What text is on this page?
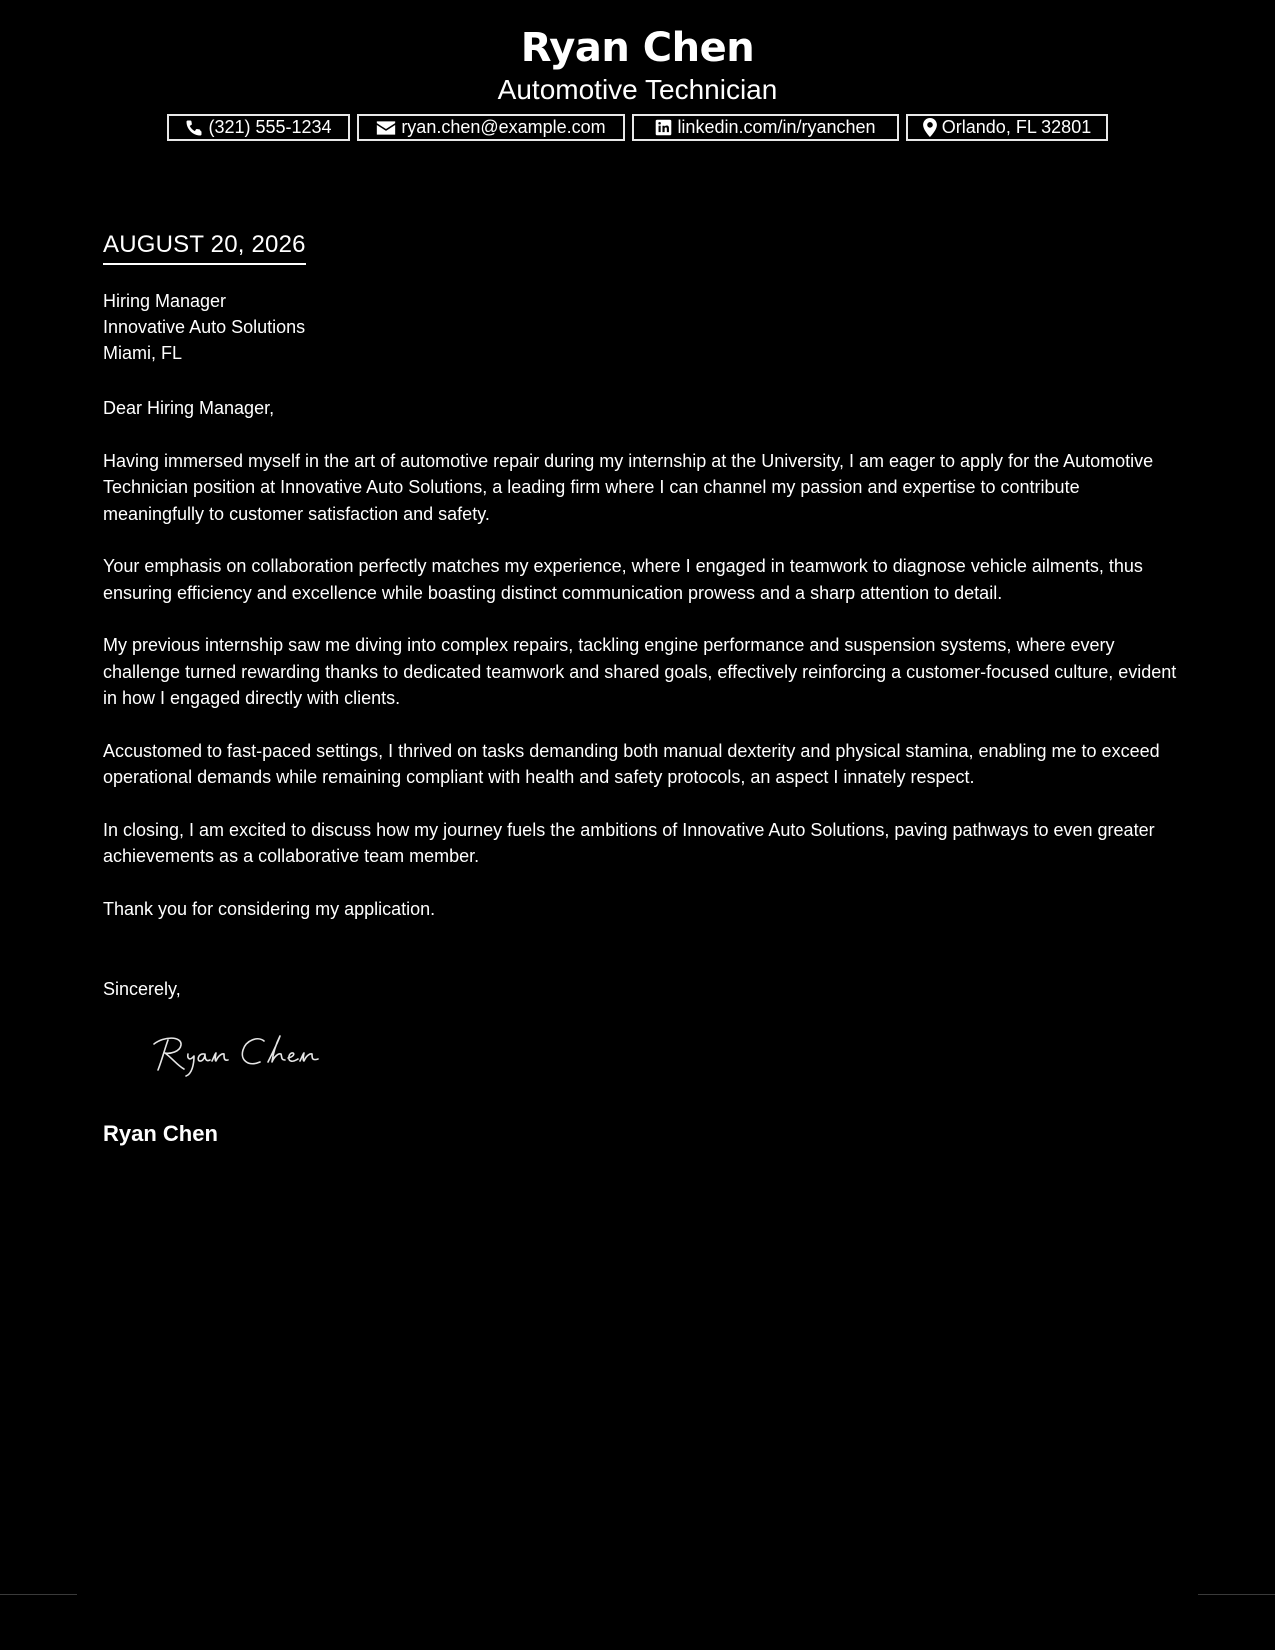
Ryan Chen
Automotive Technician
(321) 555-1234	ryan.chen@example.com	linkedin.com/in/ryanchen	Orlando, FL 32801
AUGUST 20, 2026
Hiring Manager
Innovative Auto Solutions
Miami, FL

Dear Hiring Manager,

Having immersed myself in the art of automotive repair during my internship at the University, I am eager to apply for the Automotive Technician position at Innovative Auto Solutions, a leading firm where I can channel my passion and expertise to contribute meaningfully to customer satisfaction and safety.

Your emphasis on collaboration perfectly matches my experience, where I engaged in teamwork to diagnose vehicle ailments, thus ensuring efficiency and excellence while boasting distinct communication prowess and a sharp attention to detail.

My previous internship saw me diving into complex repairs, tackling engine performance and suspension systems, where every challenge turned rewarding thanks to dedicated teamwork and shared goals, effectively reinforcing a customer-focused culture, evident in how I engaged directly with clients.

Accustomed to fast-paced settings, I thrived on tasks demanding both manual dexterity and physical stamina, enabling me to exceed operational demands while remaining compliant with health and safety protocols, an aspect I innately respect.

In closing, I am excited to discuss how my journey fuels the ambitions of Innovative Auto Solutions, paving pathways to even greater achievements as a collaborative team member.

Thank you for considering my application.

Sincerely,
Ryan Chen
